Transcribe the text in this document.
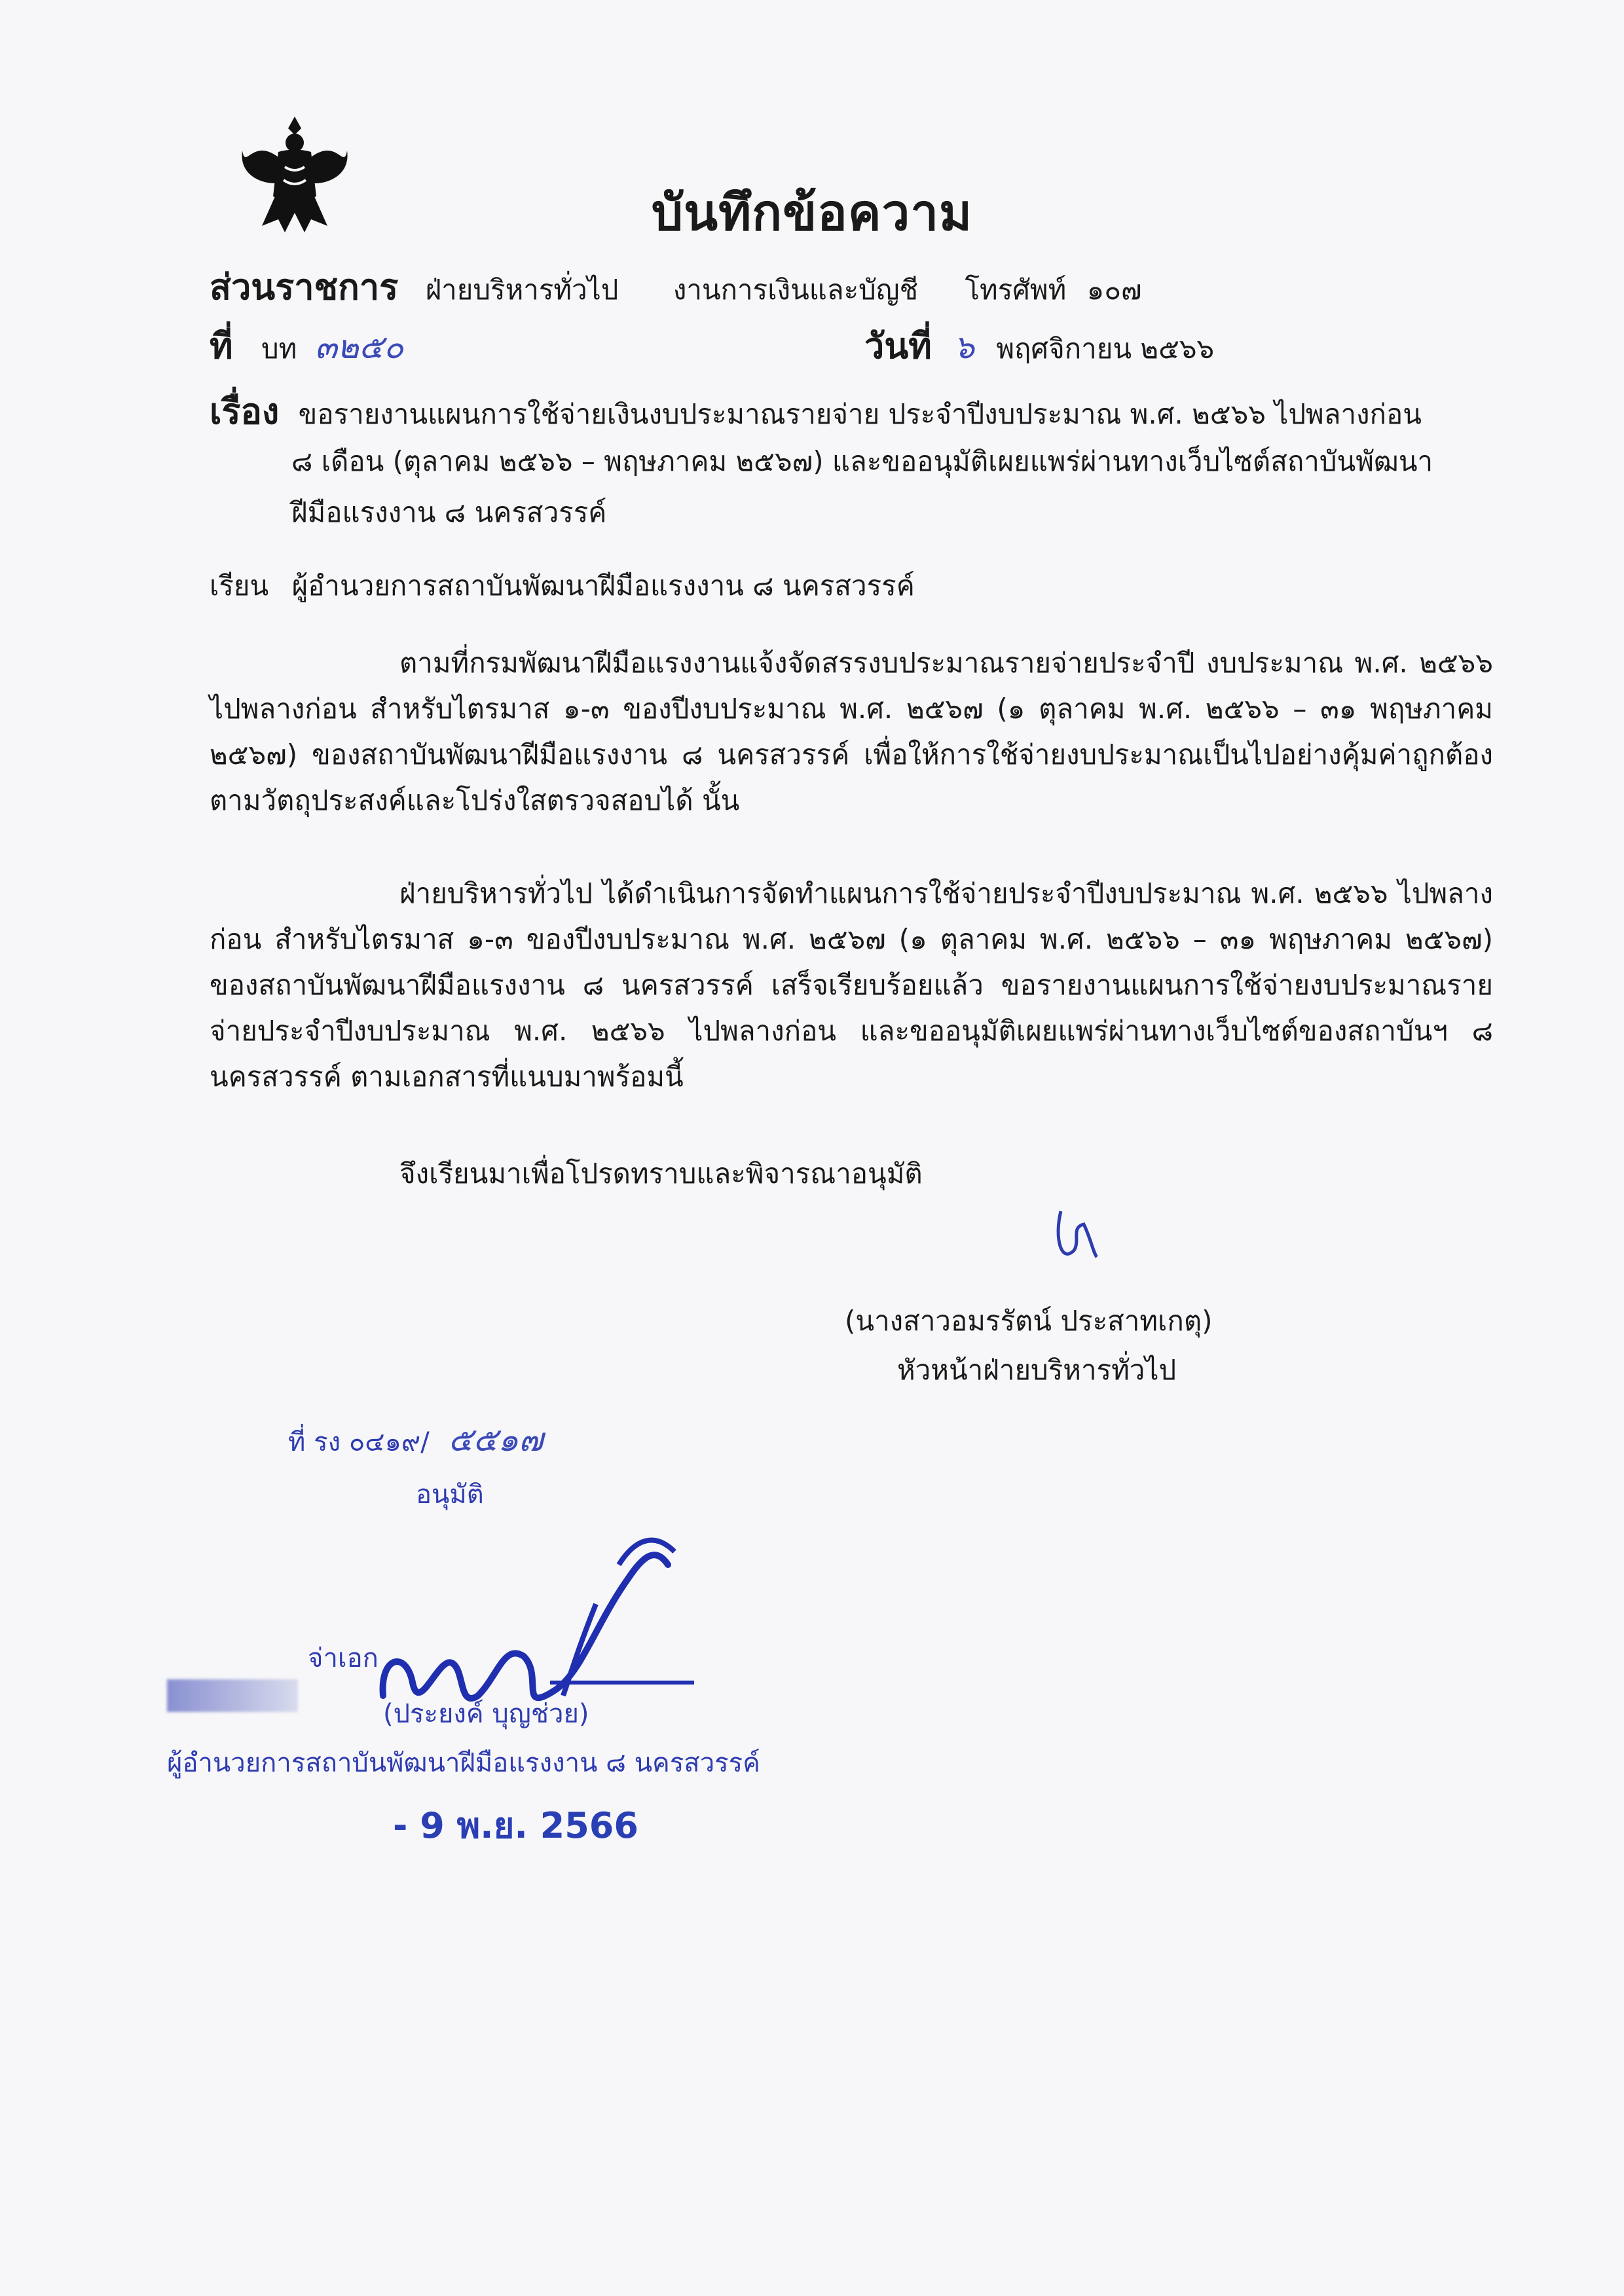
บันทึกข้อความ
ส่วนราชการ ฝ่ายบริหารทั่วไป งานการเงินและบัญชี โทรศัพท์ ๑๐๗
ที่ บท ๓๒๕๐	วันที่ ๖ พฤศจิกายน ๒๕๖๖
เรื่อง ขอรายงานแผนการใช้จ่ายเงินงบประมาณรายจ่าย ประจำปีงบประมาณ พ.ศ. ๒๕๖๖ ไปพลางก่อน
๘ เดือน (ตุลาคม ๒๕๖๖ – พฤษภาคม ๒๕๖๗) และขออนุมัติเผยแพร่ผ่านทางเว็บไซต์สถาบันพัฒนา
ฝีมือแรงงาน ๘ นครสวรรค์
เรียน ผู้อำนวยการสถาบันพัฒนาฝีมือแรงงาน ๘ นครสวรรค์
ตามที่กรมพัฒนาฝีมือแรงงานแจ้งจัดสรรงบประมาณรายจ่ายประจำปี งบประมาณ พ.ศ. ๒๕๖๖ ไปพลางก่อน สำหรับไตรมาส ๑-๓ ของปีงบประมาณ พ.ศ. ๒๕๖๗ (๑ ตุลาคม พ.ศ. ๒๕๖๖ – ๓๑ พฤษภาคม ๒๕๖๗) ของสถาบันพัฒนาฝีมือแรงงาน ๘ นครสวรรค์ เพื่อให้การใช้จ่ายงบประมาณเป็นไปอย่างคุ้มค่าถูกต้อง ตามวัตถุประสงค์และโปร่งใสตรวจสอบได้ นั้น
ฝ่ายบริหารทั่วไป ได้ดำเนินการจัดทำแผนการใช้จ่ายประจำปีงบประมาณ พ.ศ. ๒๕๖๖ ไปพลางก่อน สำหรับไตรมาส ๑-๓ ของปีงบประมาณ พ.ศ. ๒๕๖๗ (๑ ตุลาคม พ.ศ. ๒๕๖๖ – ๓๑ พฤษภาคม ๒๕๖๗) ของสถาบันพัฒนาฝีมือแรงงาน ๘ นครสวรรค์ เสร็จเรียบร้อยแล้ว ขอรายงานแผนการใช้จ่ายงบประมาณรายจ่ายประจำปีงบประมาณ พ.ศ. ๒๕๖๖ ไปพลางก่อน และขออนุมัติเผยแพร่ผ่านทางเว็บไซต์ของสถาบันฯ ๘ นครสวรรค์ ตามเอกสารที่แนบมาพร้อมนี้
จึงเรียนมาเพื่อโปรดทราบและพิจารณาอนุมัติ
(นางสาวอมรรัตน์ ประสาทเกตุ)
หัวหน้าฝ่ายบริหารทั่วไป
ที่ รง ๐๔๑๙/ ๕๕๑๗
อนุมัติ
จ่าเอก
(ประยงค์ บุญช่วย)
ผู้อำนวยการสถาบันพัฒนาฝีมือแรงงาน ๘ นครสวรรค์
- 9 พ.ย. 2566
